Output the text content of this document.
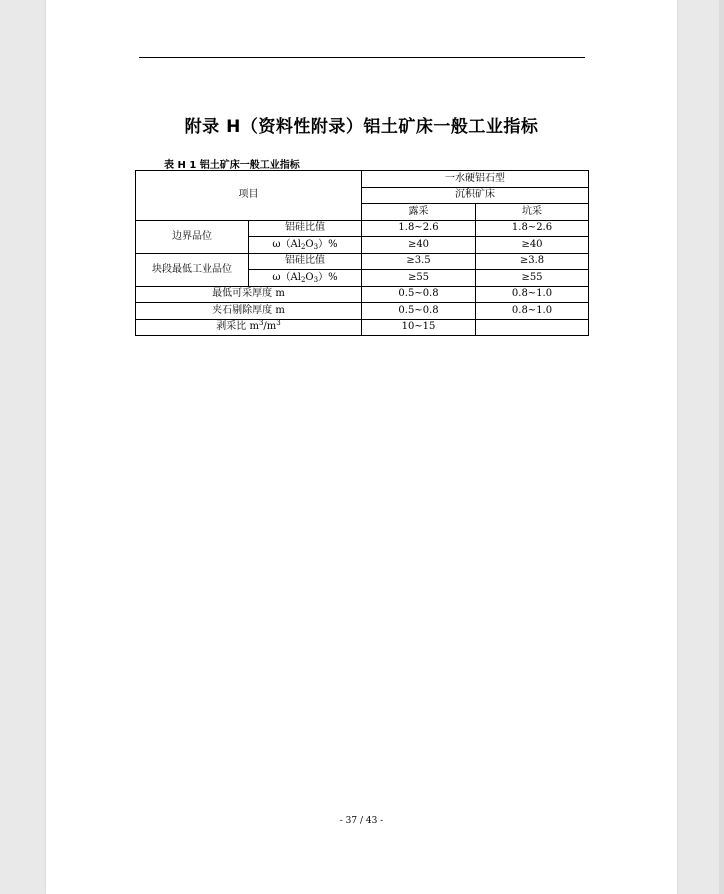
附录 H（资料性附录）铝土矿床一般工业指标
表 H 1 铝土矿床一般工业指标
项目		一水硬铝石型	
		沉积矿床	
		露采	坑采
边界品位	铝硅比值	1.8~2.6	1.8~2.6
	$\omega(Al_2O_3)\%$	≥40	≥40
块段最低工业品位	铝硅比值	≥3.5	≥3.8
	$\omega(Al_2O_3)\%$	≥55	≥55
最低可采厚度 m		0.5~0.8	0.8~1.0
夹石剔除厚度 m		0.5~0.8	0.8~1.0
剥采比 $m^3/m^3$		10~15	
- 37 / 43 -
